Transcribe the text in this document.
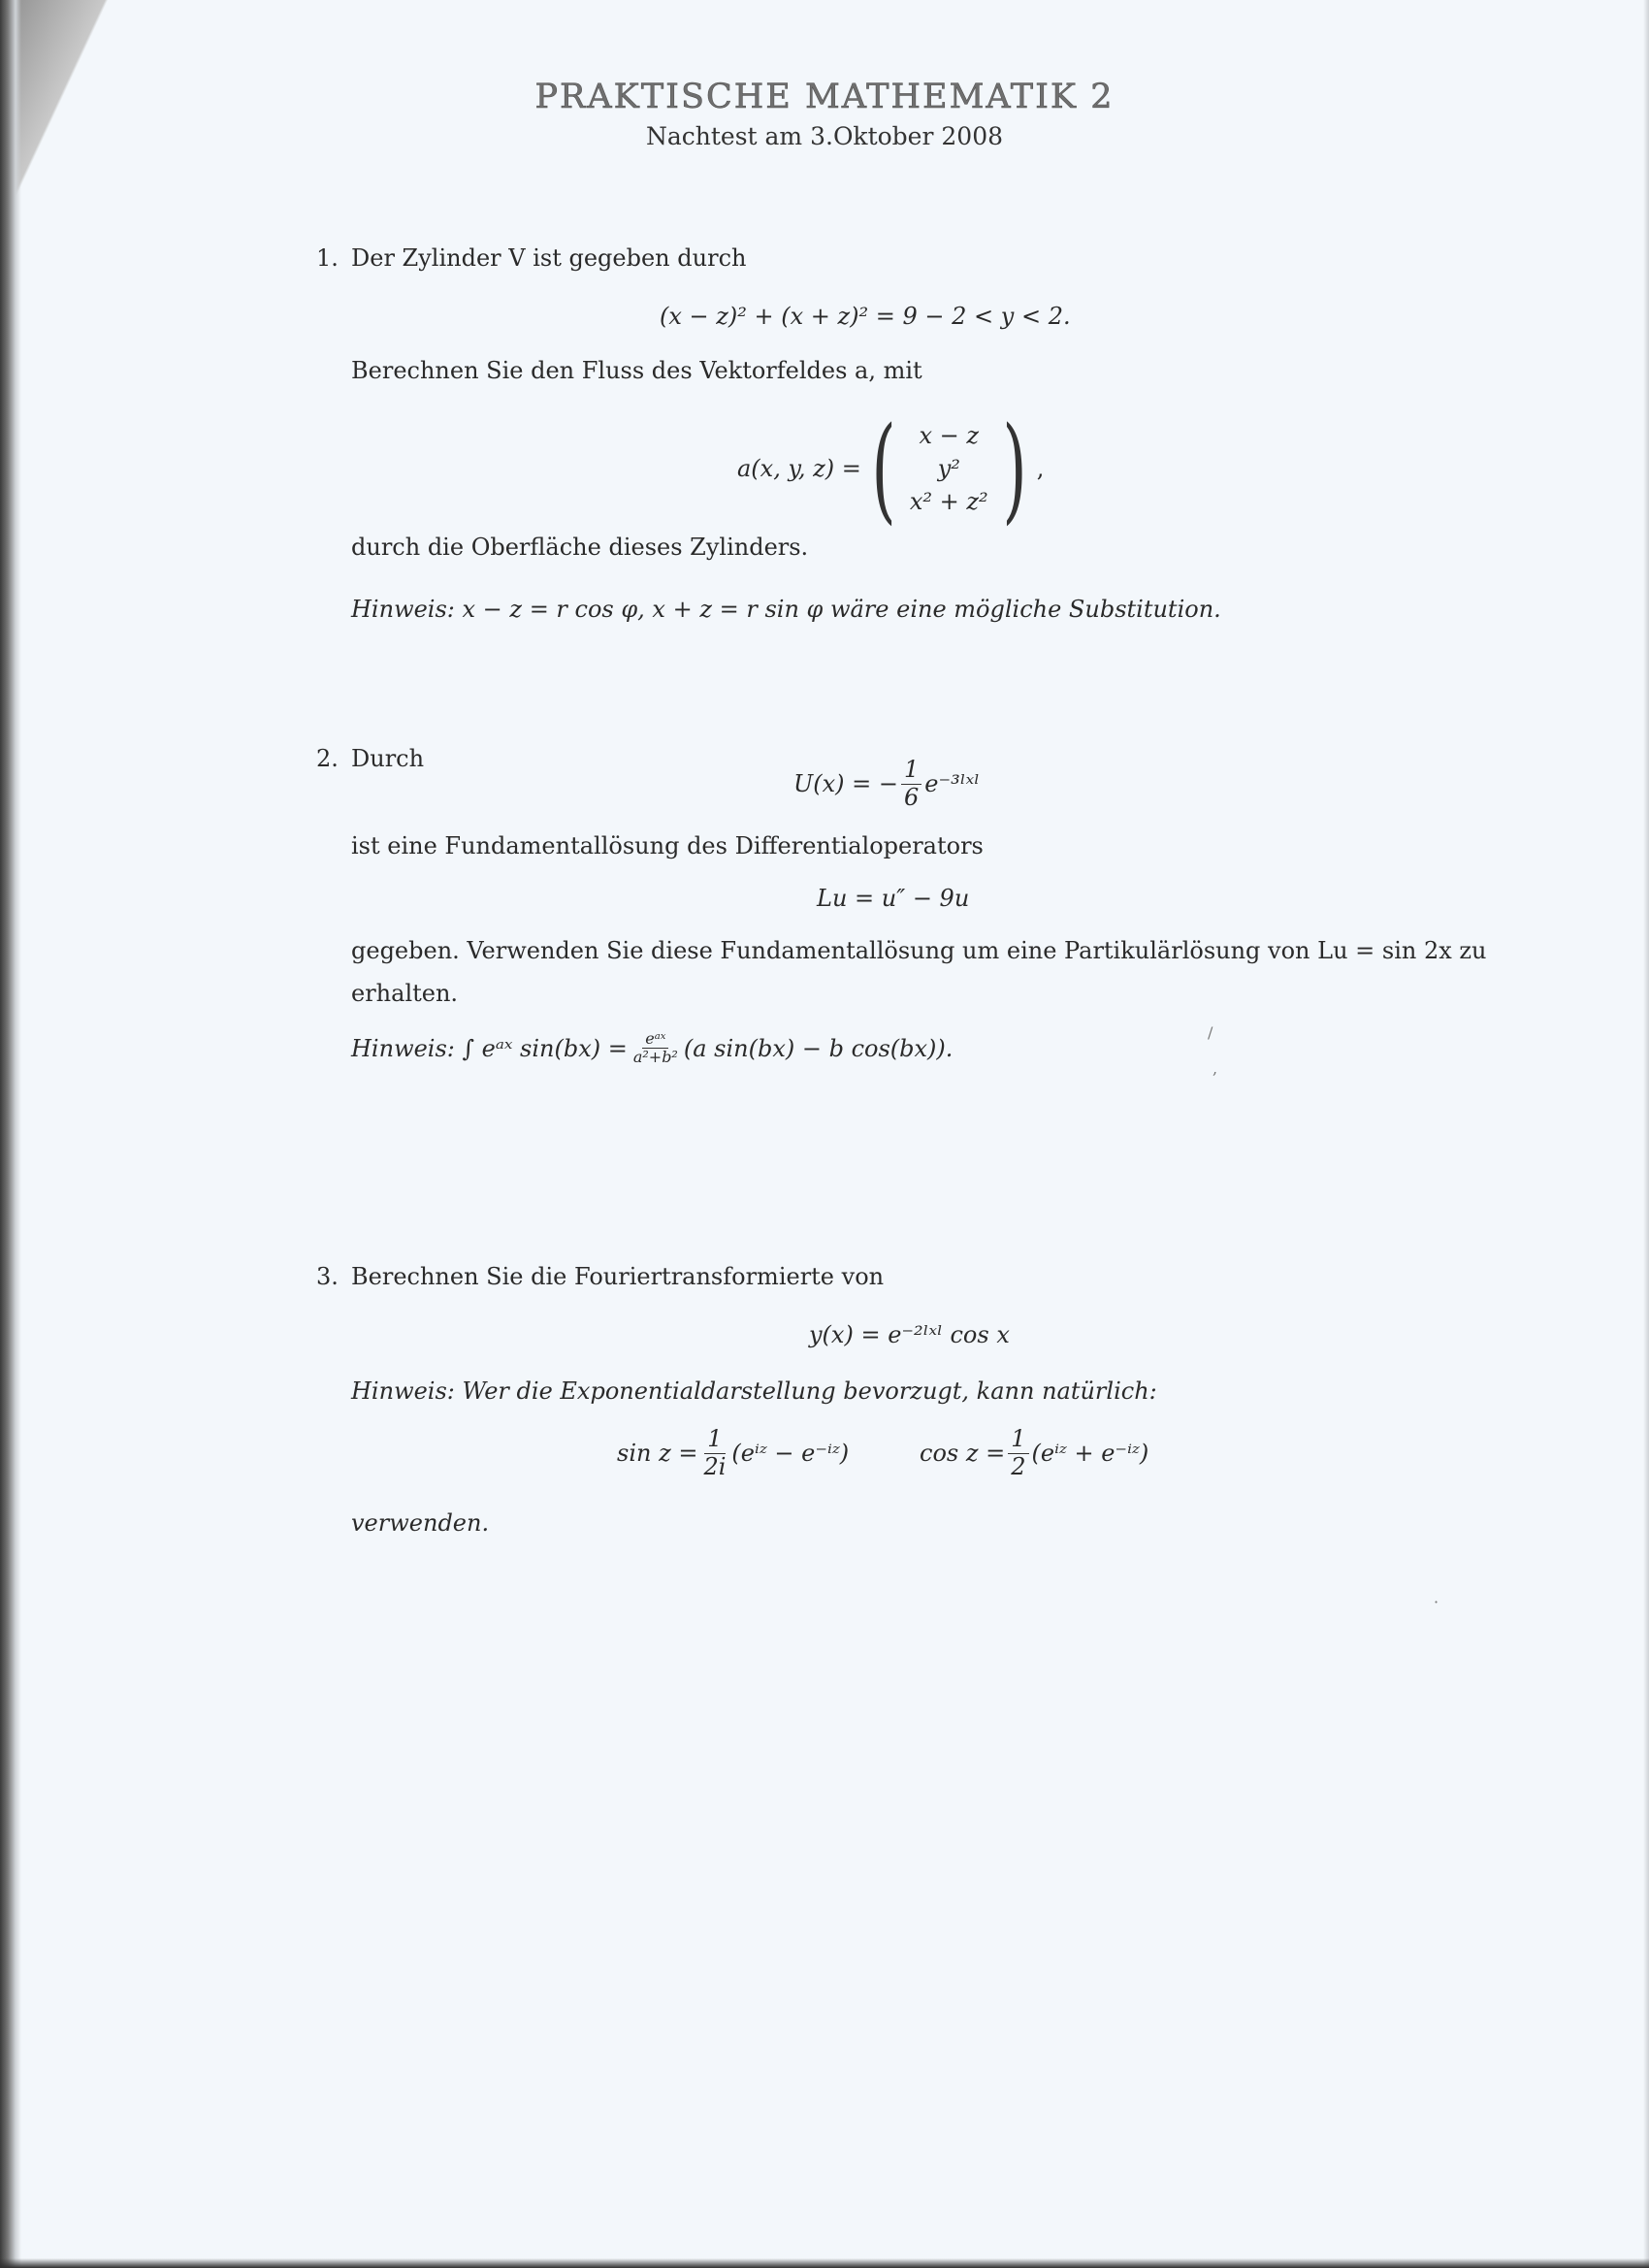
/
,
·
PRAKTISCHE MATHEMATIK 2
Nachtest am 3.Oktober 2008
1. Der Zylinder V ist gegeben durch
(x − z)² + (x + z)² = 9 − 2 < y < 2.
Berechnen Sie den Fluss des Vektorfeldes a, mit
a(x, y, z) = ( x − z
y²
x² + z² ) ,
durch die Oberfläche dieses Zylinders.
Hinweis: x − z = r cos φ, x + z = r sin φ wäre eine mögliche Substitution.
2. Durch
U(x) = − $\frac{1}{6}$ e⁻³ˡˣˡ
ist eine Fundamentallösung des Differentialoperators
Lu = u″ − 9u
gegeben. Verwenden Sie diese Fundamentallösung um eine Partikulärlösung von Lu = sin 2x zu
erhalten.
Hinweis: ∫ eᵃˣ $\sin(bx) = \frac{\text{eᵃˣ}}{\text{a²+b²}} (a$ sin(bx) − b cos(bx)).
3. Berechnen Sie die Fouriertransformierte von
y(x) = e⁻²ˡˣˡ cos x
Hinweis: Wer die Exponentialdarstellung bevorzugt, kann natürlich:
$\sin z = \frac{1}{2i}$ (eⁱᶻ − e⁻ⁱᶻ)	$\cos z = \frac{1}{2}$ (eⁱᶻ + e⁻ⁱᶻ)
verwenden.
